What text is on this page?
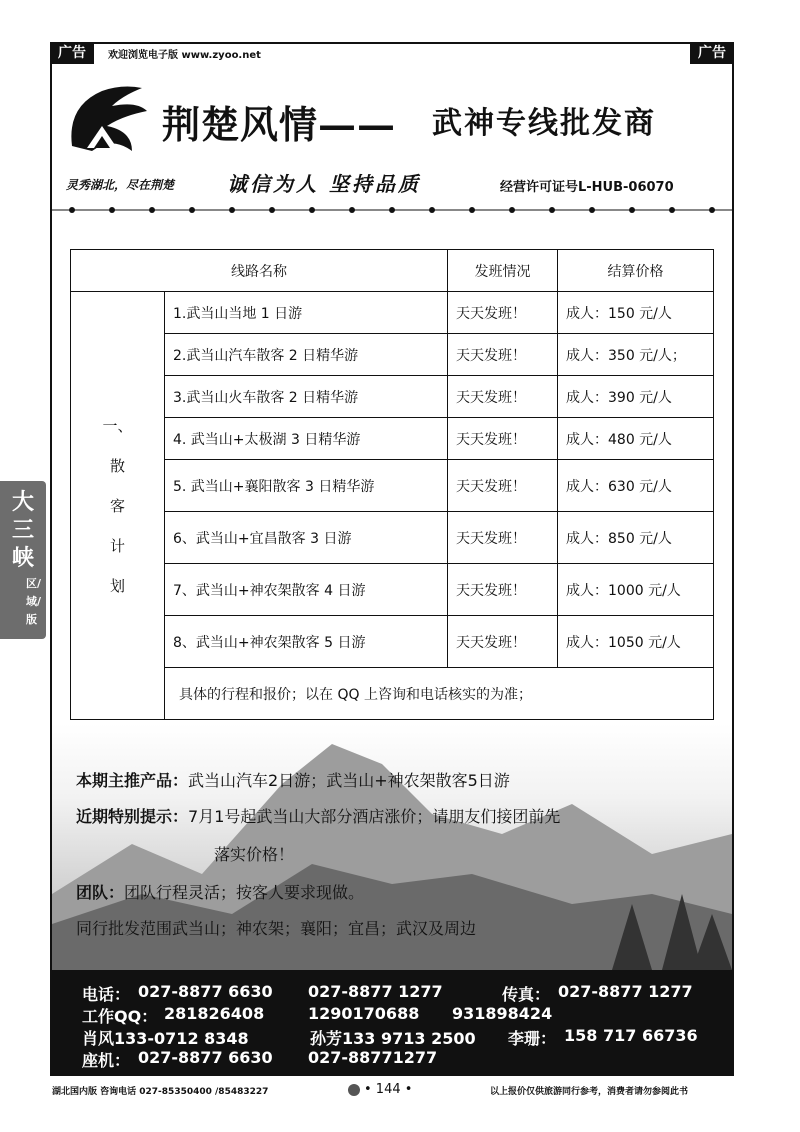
广告	广告
欢迎浏览电子版 www.zyoo.net
荆楚风情—— 武神专线批发商
灵秀湖北，尽在荆楚	诚信为人 坚持品质	经营许可证号L-HUB-06070
线路名称		发班情况	结算价格

一、
散
客
计
划	1.武当山当地 1 日游	天天发班！	成人：150 元/人
	2.武当山汽车散客 2 日精华游	天天发班！	成人：350 元/人；
	3.武当山火车散客 2 日精华游	天天发班！	成人：390 元/人
	4. 武当山+太极湖 3 日精华游	天天发班！	成人：480 元/人
	5. 武当山+襄阳散客 3 日精华游	天天发班！	成人：630 元/人
	6、武当山+宜昌散客 3 日游	天天发班！	成人：850 元/人
	7、武当山+神农架散客 4 日游	天天发班！	成人：1000 元/人
	8、武当山+神农架散客 5 日游	天天发班！	成人：1050 元/人
	具体的行程和报价；以在 QQ 上咨询和电话核实的为准；		
本期主推产品：武当山汽车2日游；武当山+神农架散客5日游
近期特别提示：7月1号起武当山大部分酒店涨价；请朋友们接团前先
落实价格！
团队：团队行程灵活；按客人要求现做。
同行批发范围武当山；神农架；襄阳；宜昌；武汉及周边
电话： 027-8877 6630 027-8877 1277	传真： 027-8877 1277
工作QQ： 281826408	1290170688 931898424
肖风133-0712 8348	孙芳133 9713 2500 李珊： 158 717 66736
座机： 027-8877 6630 027-88771277
大三峡
区/域/版
湖北国内版 咨询电话 027-85350400 /85483227	• 144 •	以上报价仅供旅游同行参考，消费者请勿参阅此书
